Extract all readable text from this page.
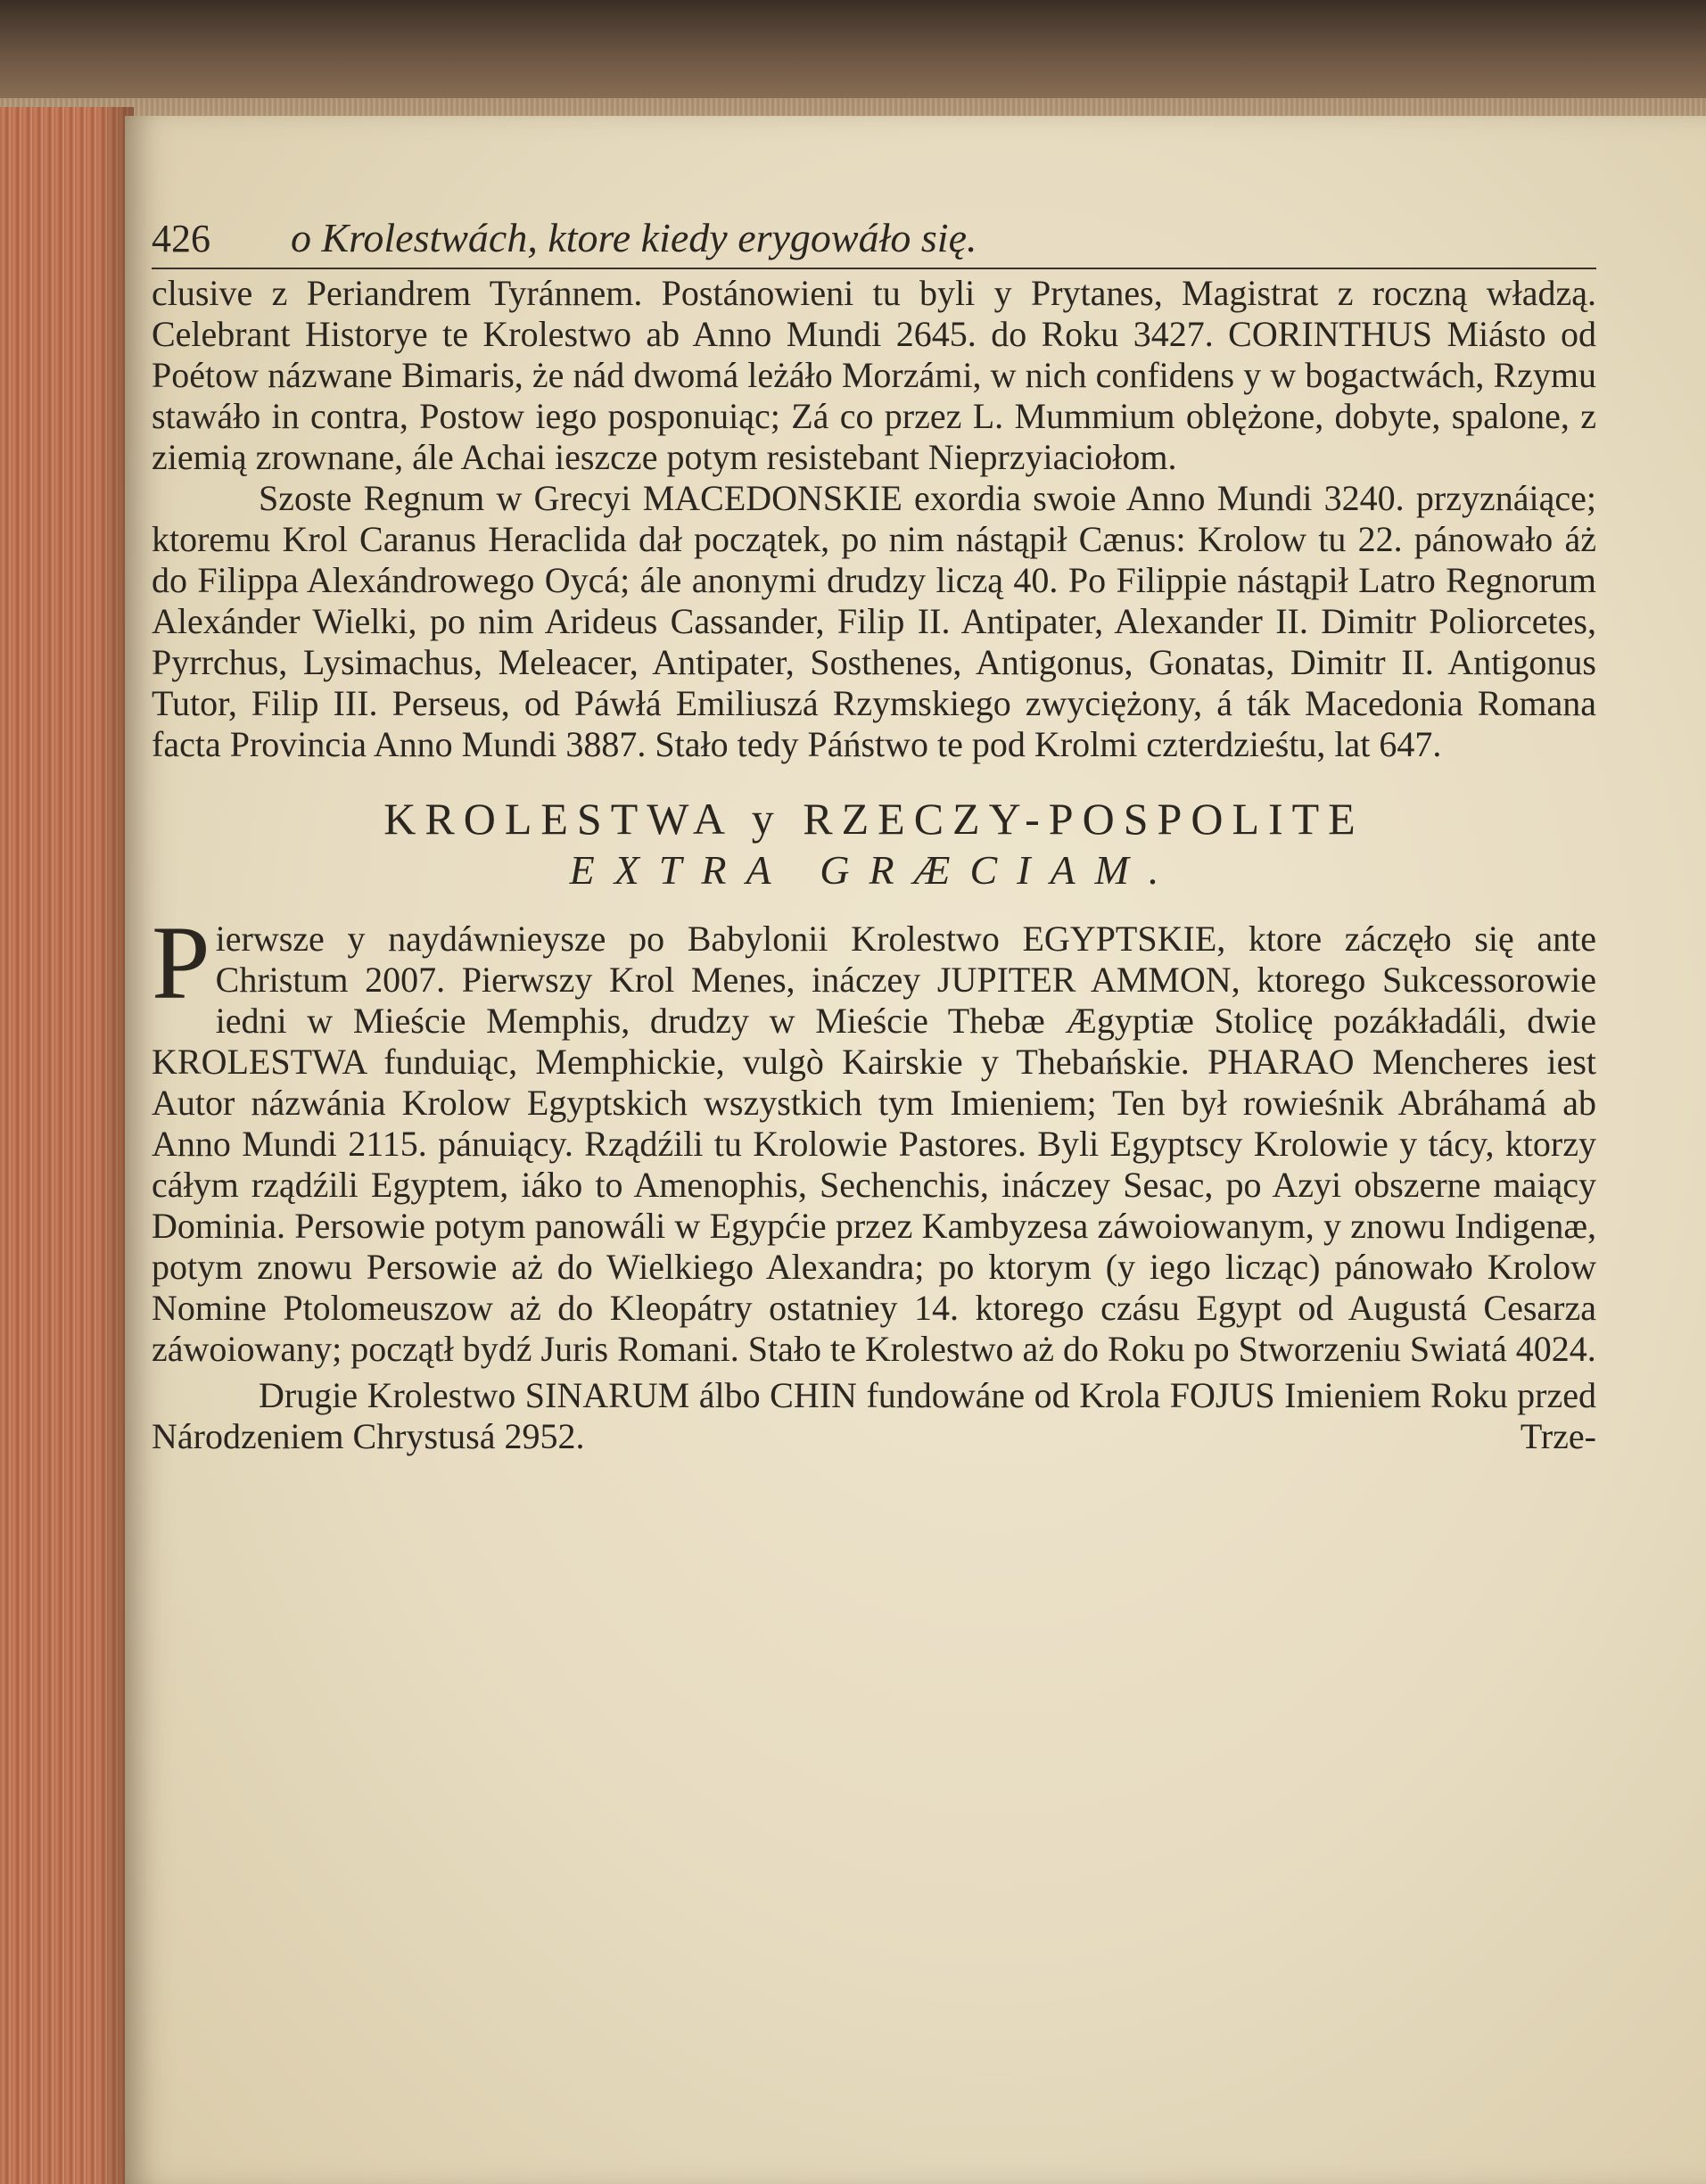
426 o Krolestwách, ktore kiedy erygowáło się.

clusive z Periandrem Tyránnem. Postánowieni tu byli y Prytanes, Magistrat z roczną władzą. Celebrant Historye te Krolestwo ab Anno Mundi 2645. do Roku 3427. CORINTHUS Miásto od Poétow názwane Bimaris, że nád dwomá leżáło Morzámi, w nich confidens y w bogactwách, Rzymu stawáło in contra, Postow iego posponuiąc; Zá co przez L. Mummium oblężone, dobyte, spalone, z ziemią zrownane, ále Achai ieszcze potym resistebant Nieprzyiaciołom.

Szoste Regnum w Grecyi MACEDONSKIE exordia swoie Anno Mundi 3240. przyznáiące; ktoremu Krol Caranus Heraclida dał początek, po nim nástąpił Cænus: Krolow tu 22. pánowało áż do Filippa Alexándrowego Oycá; ále anonymi drudzy liczą 40. Po Filippie nástąpił Latro Regnorum Alexánder Wielki, po nim Arideus Cassander, Filip II. Antipater, Alexander II. Dimitr Poliorcetes, Pyrrchus, Lysimachus, Meleacer, Antipater, Sosthenes, Antigonus, Gonatas, Dimitr II. Antigonus Tutor, Filip III. Perseus, od Páwłá Emiliuszá Rzymskiego zwyciężony, á ták Macedonia Romana facta Provincia Anno Mundi 3887. Stało tedy Páństwo te pod Krolmi czterdzieśtu, lat 647.

KROLESTWA y RZECZY-POSPOLITE
EXTRA GRÆCIAM.

Pierwsze y naydáwnieysze po Babylonii Krolestwo EGYPTSKIE, ktore záczęło się ante Christum 2007. Pierwszy Krol Menes, ináczey JUPITER AMMON, ktorego Sukcessorowie iedni w Mieście Memphis, drudzy w Mieście Thebæ Ægyptiæ Stolicę pozákładáli, dwie KROLESTWA funduiąc, Memphickie, vulgò Kairskie y Thebańskie. PHARAO Mencheres iest Autor názwánia Krolow Egyptskich wszystkich tym Imieniem; Ten był rowieśnik Abráhamá ab Anno Mundi 2115. pánuiący. Rządźili tu Krolowie Pastores. Byli Egyptscy Krolowie y tácy, ktorzy cáłym rządźili Egyptem, iáko to Amenophis, Sechenchis, ináczey Sesac, po Azyi obszerne maiący Dominia. Persowie potym panowáli w Egypćie przez Kambyzesa záwoiowanym, y znowu Indigenæ, potym znowu Persowie aż do Wielkiego Alexandra; po ktorym (y iego licząc) pánowało Krolow Nomine Ptolomeuszow aż do Kleopátry ostatniey 14. ktorego czásu Egypt od Augustá Cesarza záwoiowany; początł bydź Juris Romani. Stało te Krolestwo aż do Roku po Stworzeniu Swiatá 4024.

Drugie Krolestwo SINARUM álbo CHIN fundowáne od Krola FOJUS Imieniem Roku przed Národzeniem Chrystusá 2952.	Trze-
